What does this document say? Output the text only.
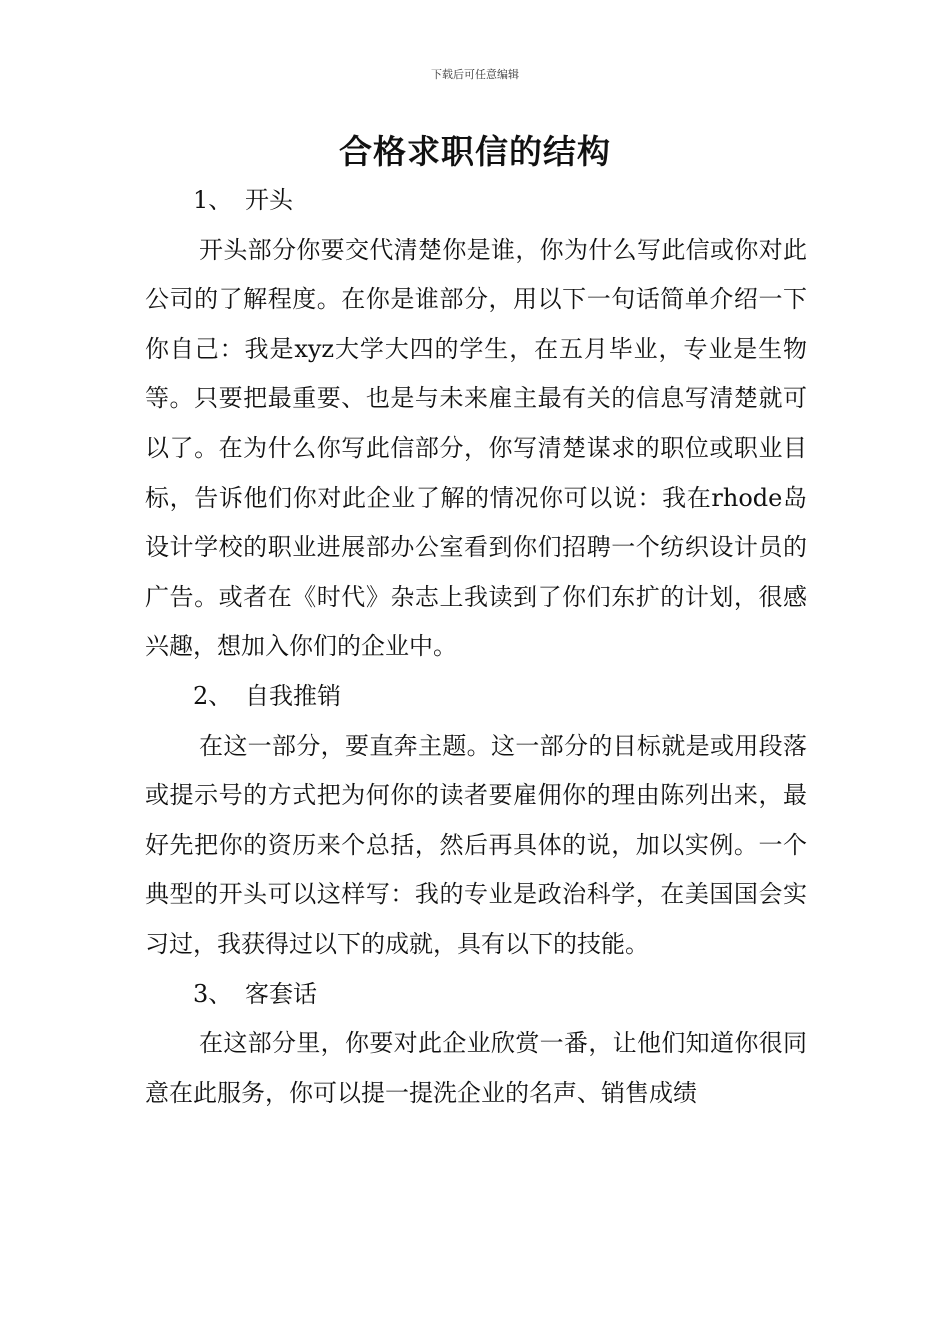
下载后可任意编辑
合格求职信的结构
1、 开头

开头部分你要交代清楚你是谁，你为什么写此信或你对此公司的了解程度。在你是谁部分，用以下一句话简单介绍一下你自己：我是xyz大学大四的学生，在五月毕业，专业是生物等。只要把最重要、也是与未来雇主最有关的信息写清楚就可以了。在为什么你写此信部分，你写清楚谋求的职位或职业目标，告诉他们你对此企业了解的情况你可以说：我在rhode岛设计学校的职业进展部办公室看到你们招聘一个纺织设计员的广告。或者在《时代》杂志上我读到了你们东扩的计划，很感兴趣，想加入你们的企业中。

2、 自我推销

在这一部分，要直奔主题。这一部分的目标就是或用段落或提示号的方式把为何你的读者要雇佣你的理由陈列出来，最好先把你的资历来个总括，然后再具体的说，加以实例。一个典型的开头可以这样写：我的专业是政治科学，在美国国会实习过，我获得过以下的成就，具有以下的技能。

3、 客套话

在这部分里，你要对此企业欣赏一番，让他们知道你很同意在此服务，你可以提一提洗企业的名声、销售成绩
